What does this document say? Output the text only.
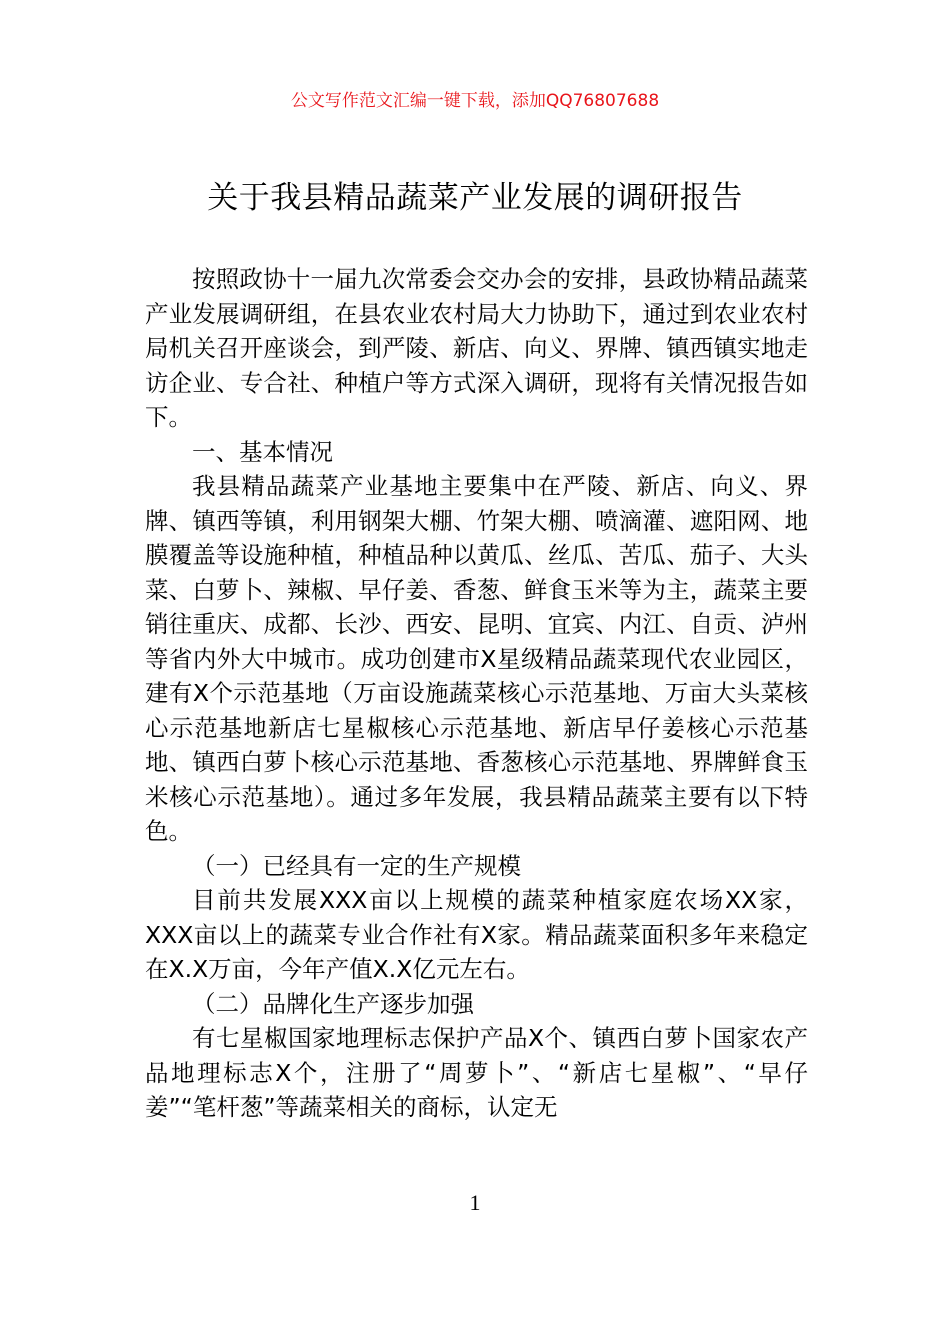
公文写作范文汇编一键下载，添加QQ76807688

关于我县精品蔬菜产业发展的调研报告

按照政协十一届九次常委会交办会的安排，县政协精品蔬菜产业发展调研组，在县农业农村局大力协助下，通过到农业农村局机关召开座谈会，到严陵、新店、向义、界牌、镇西镇实地走访企业、专合社、种植户等方式深入调研，现将有关情况报告如下。

一、基本情况

我县精品蔬菜产业基地主要集中在严陵、新店、向义、界牌、镇西等镇，利用钢架大棚、竹架大棚、喷滴灌、遮阳网、地膜覆盖等设施种植，种植品种以黄瓜、丝瓜、苦瓜、茄子、大头菜、白萝卜、辣椒、早仔姜、香葱、鲜食玉米等为主，蔬菜主要销往重庆、成都、长沙、西安、昆明、宜宾、内江、自贡、泸州等省内外大中城市。成功创建市X星级精品蔬菜现代农业园区，建有X个示范基地（万亩设施蔬菜核心示范基地、万亩大头菜核心示范基地新店七星椒核心示范基地、新店早仔姜核心示范基地、镇西白萝卜核心示范基地、香葱核心示范基地、界牌鲜食玉米核心示范基地）。通过多年发展，我县精品蔬菜主要有以下特色。

（一）已经具有一定的生产规模

目前共发展XXX亩以上规模的蔬菜种植家庭农场XX家，XXX亩以上的蔬菜专业合作社有X家。精品蔬菜面积多年来稳定在X.X万亩，今年产值X.X亿元左右。

（二）品牌化生产逐步加强

有七星椒国家地理标志保护产品X个、镇西白萝卜国家农产品地理标志X个，注册了“周萝卜”、“新店七星椒”、“早仔姜”“笔杆葱”等蔬菜相关的商标，认定无

1
